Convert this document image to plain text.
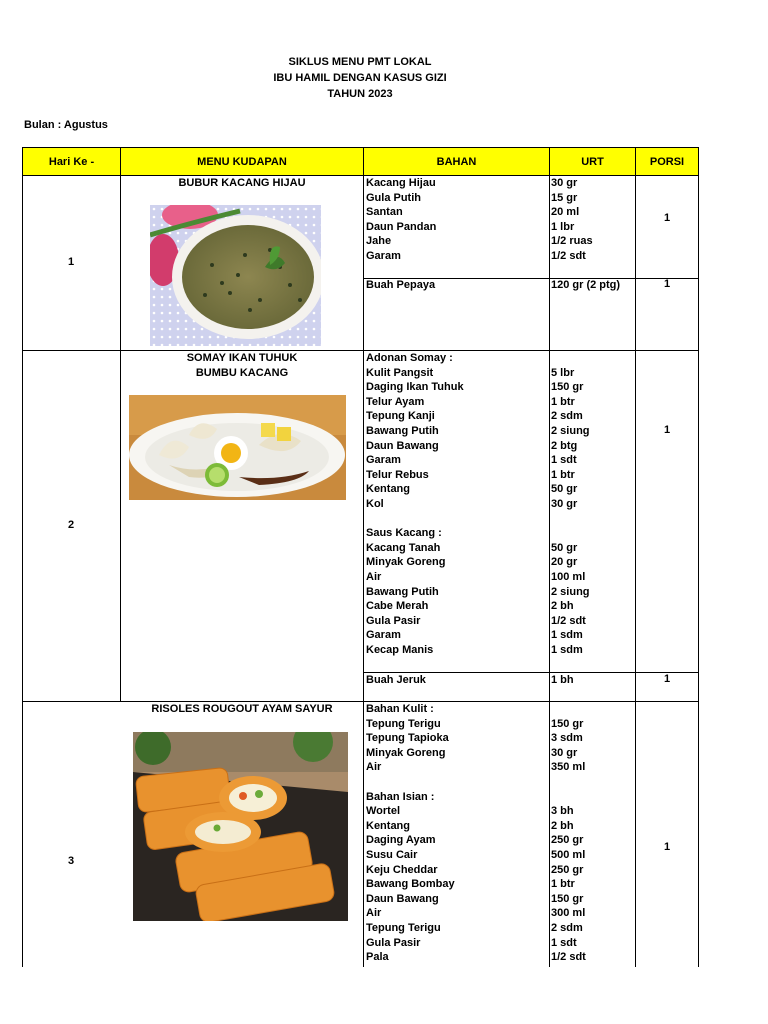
SIKLUS MENU PMT LOKAL
IBU HAMIL DENGAN KASUS GIZI
TAHUN 2023
Bulan : Agustus
Hari Ke -	MENU KUDAPAN	BAHAN	URT	PORSI
1
BUBUR KACANG HIJAU	Kacang Hijau	30 gr
Gula Putih	15 gr
Santan	20 ml
Daun Pandan	1 lbr
Jahe	1/2 ruas
Garam	1/2 sdt
1
Buah Pepaya	120 gr (2 ptg)	1
2
SOMAY IKAN TUHUK
BUMBU KACANG
Adonan Somay :
Kulit Pangsit	5 lbr
Daging Ikan Tuhuk	150 gr
Telur Ayam	1 btr
Tepung Kanji	2 sdm
Bawang Putih	2 siung
Daun Bawang	2 btg
Garam	1 sdt
Telur Rebus	1 btr
Kentang	50 gr
Kol	30 gr
Saus Kacang :
Kacang Tanah	50 gr
Minyak Goreng	20 gr
Air	100 ml
Bawang Putih	2 siung
Cabe Merah	2 bh
Gula Pasir	1/2 sdt
Garam	1 sdm
Kecap Manis	1 sdm
1
Buah Jeruk	1 bh	1
3
RISOLES ROUGOUT AYAM SAYUR	Bahan Kulit :
Tepung Terigu	150 gr
Tepung Tapioka	3 sdm
Minyak Goreng	30 gr
Air	350 ml
Bahan Isian :
Wortel	3 bh
Kentang	2 bh
Daging Ayam	250 gr
Susu Cair	500 ml
Keju Cheddar	250 gr
Bawang Bombay	1 btr
Daun Bawang	150 gr
Air	300 ml
Tepung Terigu	2 sdm
Gula Pasir	1 sdt
Pala	1/2 sdt
1
